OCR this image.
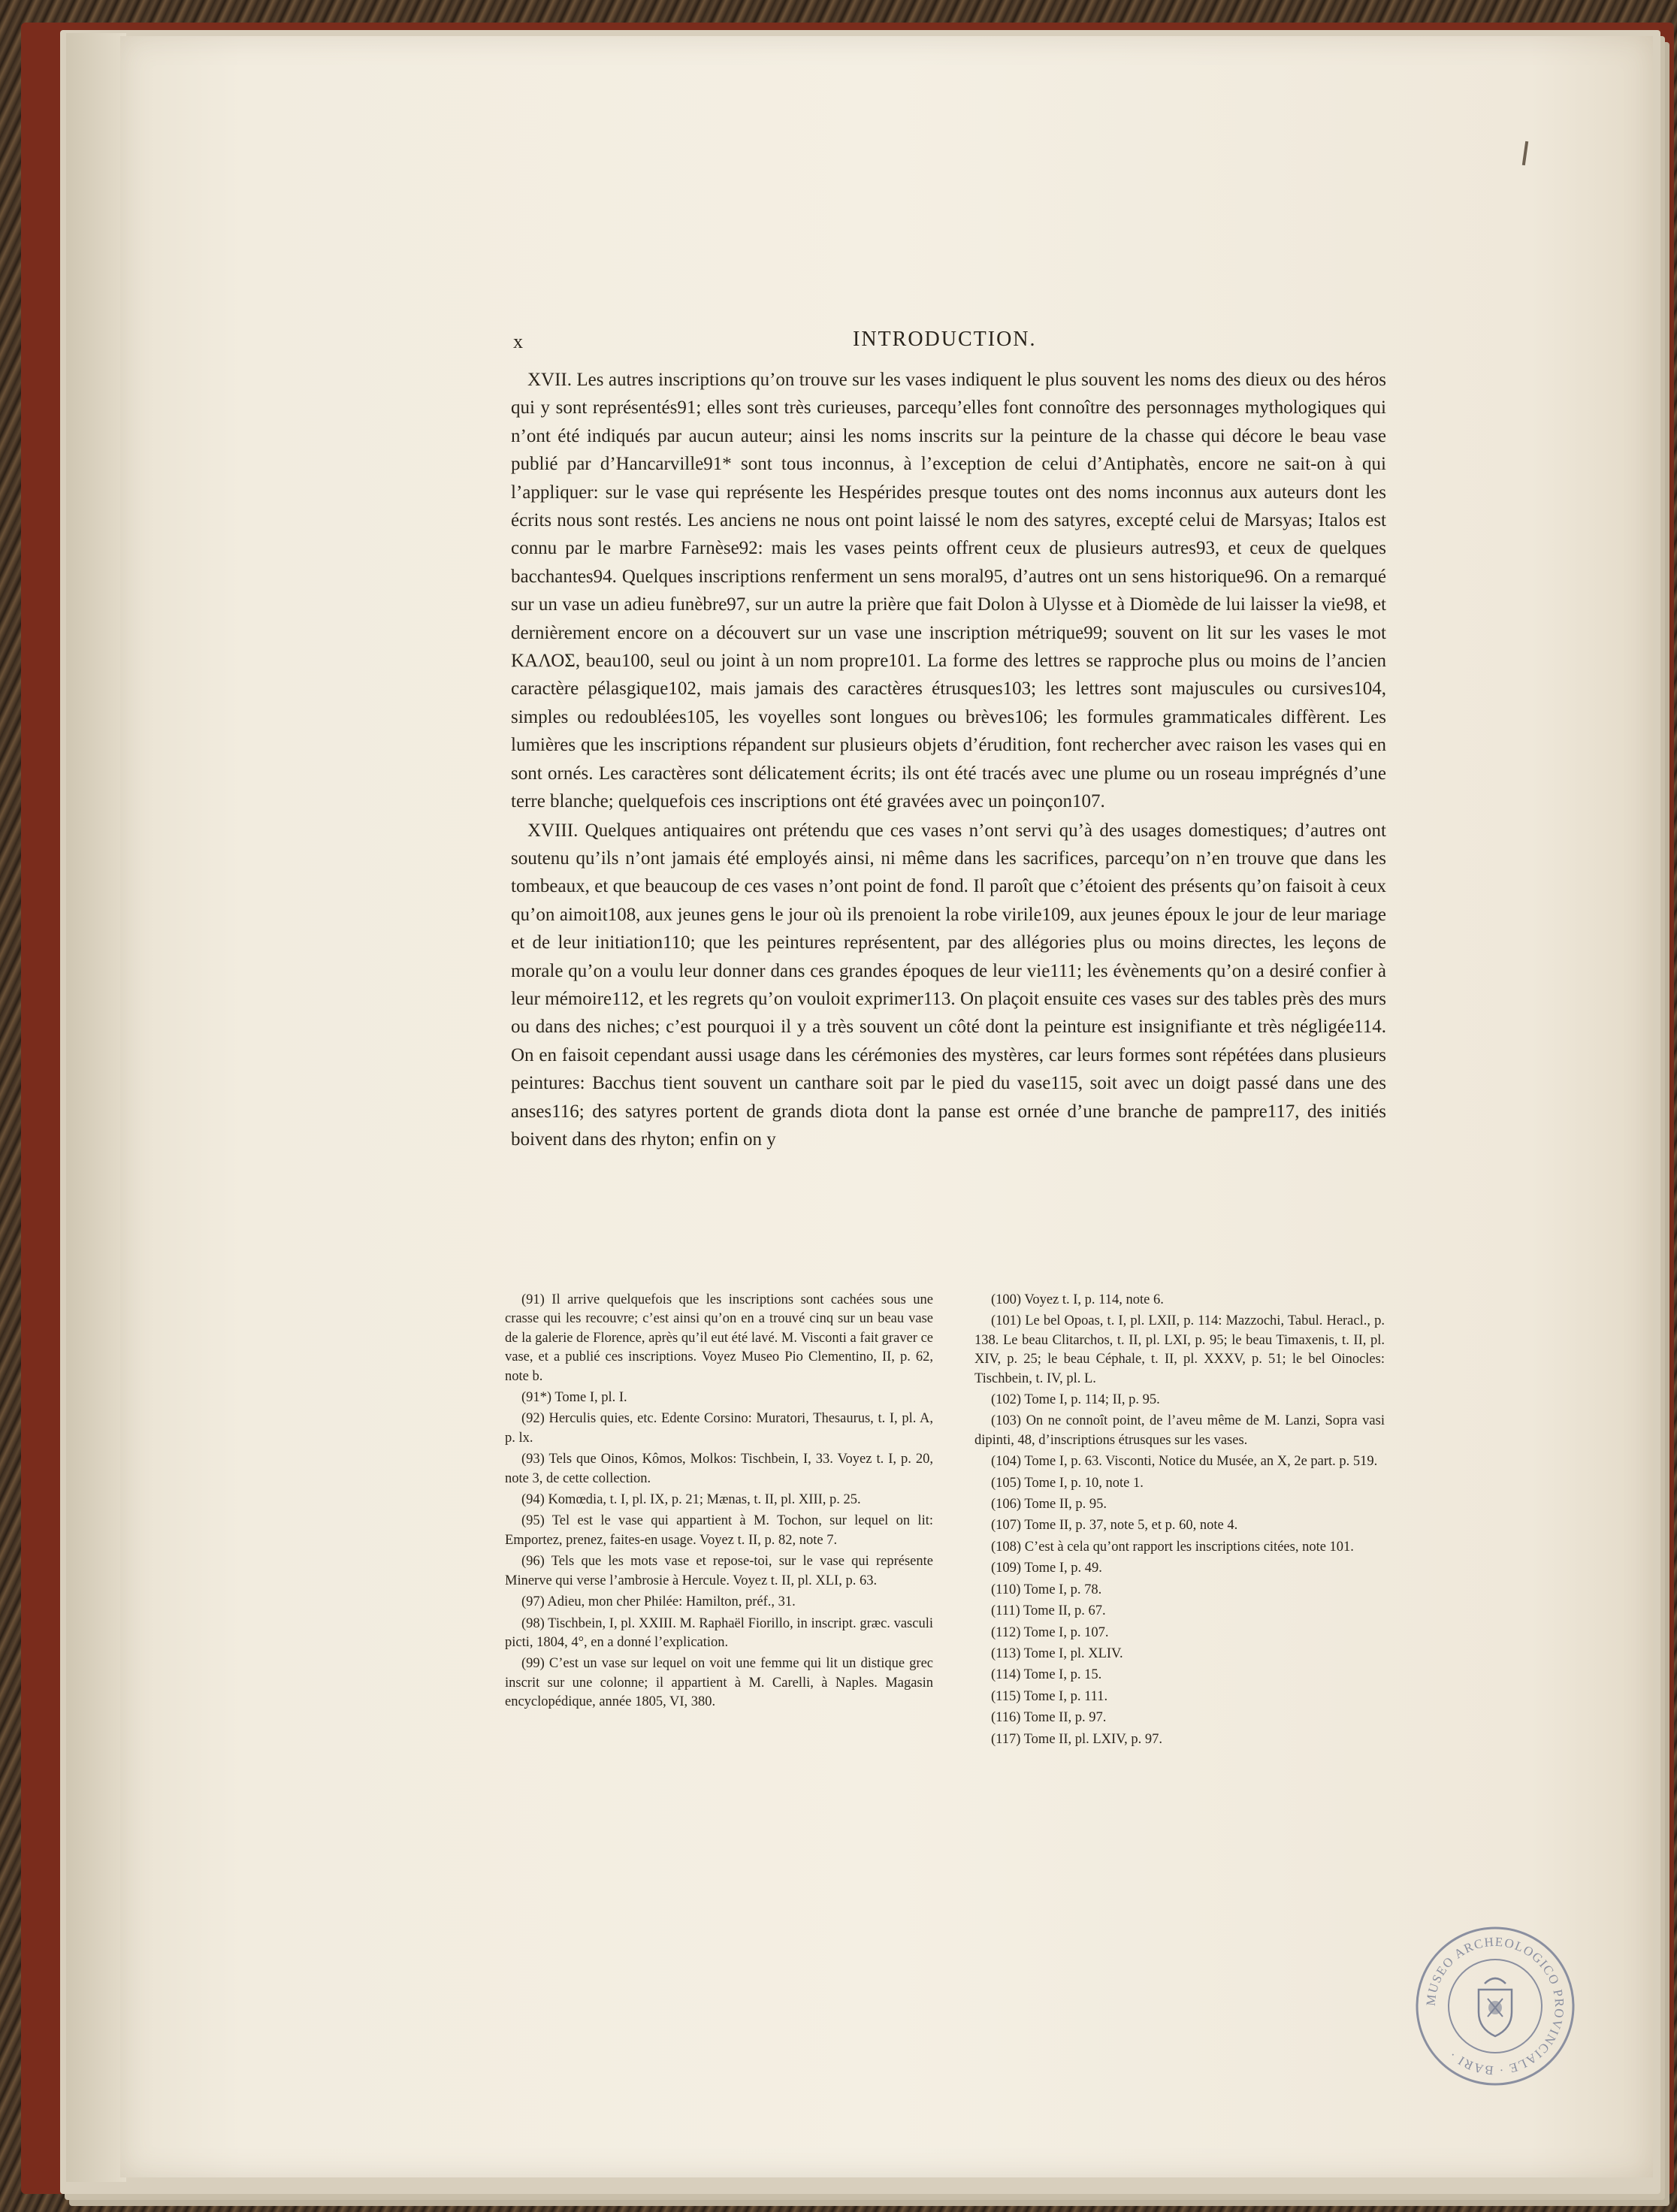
x	INTRODUCTION.

XVII. Les autres inscriptions qu’on trouve sur les vases indiquent le plus souvent les noms des dieux ou des héros qui y sont représentés91; elles sont très curieuses, parcequ’elles font connoître des personnages mythologiques qui n’ont été indiqués par aucun auteur; ainsi les noms inscrits sur la peinture de la chasse qui décore le beau vase publié par d’Hancarville91* sont tous inconnus, à l’exception de celui d’Antiphatès, encore ne sait-on à qui l’appliquer: sur le vase qui représente les Hespérides presque toutes ont des noms inconnus aux auteurs dont les écrits nous sont restés. Les anciens ne nous ont point laissé le nom des satyres, excepté celui de Marsyas; Italos est connu par le marbre Farnèse92: mais les vases peints offrent ceux de plusieurs autres93, et ceux de quelques bacchantes94. Quelques inscriptions renferment un sens moral95, d’autres ont un sens historique96. On a remarqué sur un vase un adieu funèbre97, sur un autre la prière que fait Dolon à Ulysse et à Diomède de lui laisser la vie98, et dernièrement encore on a découvert sur un vase une inscription métrique99; souvent on lit sur les vases le mot ΚΑΛΟΣ, beau100, seul ou joint à un nom propre101. La forme des lettres se rapproche plus ou moins de l’ancien caractère pélasgique102, mais jamais des caractères étrusques103; les lettres sont majuscules ou cursives104, simples ou redoublées105, les voyelles sont longues ou brèves106; les formules grammaticales diffèrent. Les lumières que les inscriptions répandent sur plusieurs objets d’érudition, font rechercher avec raison les vases qui en sont ornés. Les caractères sont délicatement écrits; ils ont été tracés avec une plume ou un roseau imprégnés d’une terre blanche; quelquefois ces inscriptions ont été gravées avec un poinçon107.

XVIII. Quelques antiquaires ont prétendu que ces vases n’ont servi qu’à des usages domestiques; d’autres ont soutenu qu’ils n’ont jamais été employés ainsi, ni même dans les sacrifices, parcequ’on n’en trouve que dans les tombeaux, et que beaucoup de ces vases n’ont point de fond. Il paroît que c’étoient des présents qu’on faisoit à ceux qu’on aimoit108, aux jeunes gens le jour où ils prenoient la robe virile109, aux jeunes époux le jour de leur mariage et de leur initiation110; que les peintures représentent, par des allégories plus ou moins directes, les leçons de morale qu’on a voulu leur donner dans ces grandes époques de leur vie111; les évènements qu’on a desiré confier à leur mémoire112, et les regrets qu’on vouloit exprimer113. On plaçoit ensuite ces vases sur des tables près des murs ou dans des niches; c’est pourquoi il y a très souvent un côté dont la peinture est insignifiante et très négligée114. On en faisoit cependant aussi usage dans les cérémonies des mystères, car leurs formes sont répétées dans plusieurs peintures: Bacchus tient souvent un canthare soit par le pied du vase115, soit avec un doigt passé dans une des anses116; des satyres portent de grands diota dont la panse est ornée d’une branche de pampre117, des initiés boivent dans des rhyton; enfin on y

(91) Il arrive quelquefois que les inscriptions sont cachées sous une crasse qui les recouvre; c’est ainsi qu’on en a trouvé cinq sur un beau vase de la galerie de Florence, après qu’il eut été lavé. M. Visconti a fait graver ce vase, et a publié ces inscriptions. Voyez Museo Pio Clementino, II, p. 62, note b.

(91*) Tome I, pl. I.

(92) Herculis quies, etc. Edente Corsino: Muratori, Thesaurus, t. I, pl. A, p. lx.

(93) Tels que Oinos, Kômos, Molkos: Tischbein, I, 33. Voyez t. I, p. 20, note 3, de cette collection.

(94) Komœdia, t. I, pl. IX, p. 21; Mænas, t. II, pl. XIII, p. 25.

(95) Tel est le vase qui appartient à M. Tochon, sur lequel on lit: Emportez, prenez, faites-en usage. Voyez t. II, p. 82, note 7.

(96) Tels que les mots vase et repose-toi, sur le vase qui représente Minerve qui verse l’ambrosie à Hercule. Voyez t. II, pl. XLI, p. 63.

(97) Adieu, mon cher Philée: Hamilton, préf., 31.

(98) Tischbein, I, pl. XXIII. M. Raphaël Fiorillo, in inscript. græc. vasculi picti, 1804, 4°, en a donné l’explication.

(99) C’est un vase sur lequel on voit une femme qui lit un distique grec inscrit sur une colonne; il appartient à M. Carelli, à Naples. Magasin encyclopédique, année 1805, VI, 380.

(100) Voyez t. I, p. 114, note 6.

(101) Le bel Opoas, t. I, pl. LXII, p. 114: Mazzochi, Tabul. Heracl., p. 138. Le beau Clitarchos, t. II, pl. LXI, p. 95; le beau Timaxenis, t. II, pl. XIV, p. 25; le beau Céphale, t. II, pl. XXXV, p. 51; le bel Oinocles: Tischbein, t. IV, pl. L.

(102) Tome I, p. 114; II, p. 95.

(103) On ne connoît point, de l’aveu même de M. Lanzi, Sopra vasi dipinti, 48, d’inscriptions étrusques sur les vases.

(104) Tome I, p. 63. Visconti, Notice du Musée, an X, 2e part. p. 519.

(105) Tome I, p. 10, note 1.

(106) Tome II, p. 95.

(107) Tome II, p. 37, note 5, et p. 60, note 4.

(108) C’est à cela qu’ont rapport les inscriptions citées, note 101.

(109) Tome I, p. 49.

(110) Tome I, p. 78.

(111) Tome II, p. 67.

(112) Tome I, p. 107.

(113) Tome I, pl. XLIV.

(114) Tome I, p. 15.

(115) Tome I, p. 111.

(116) Tome II, p. 97.

(117) Tome II, pl. LXIV, p. 97.

MUSEO ARCHEOLOGICO PROVINCIALE · BARI ·
